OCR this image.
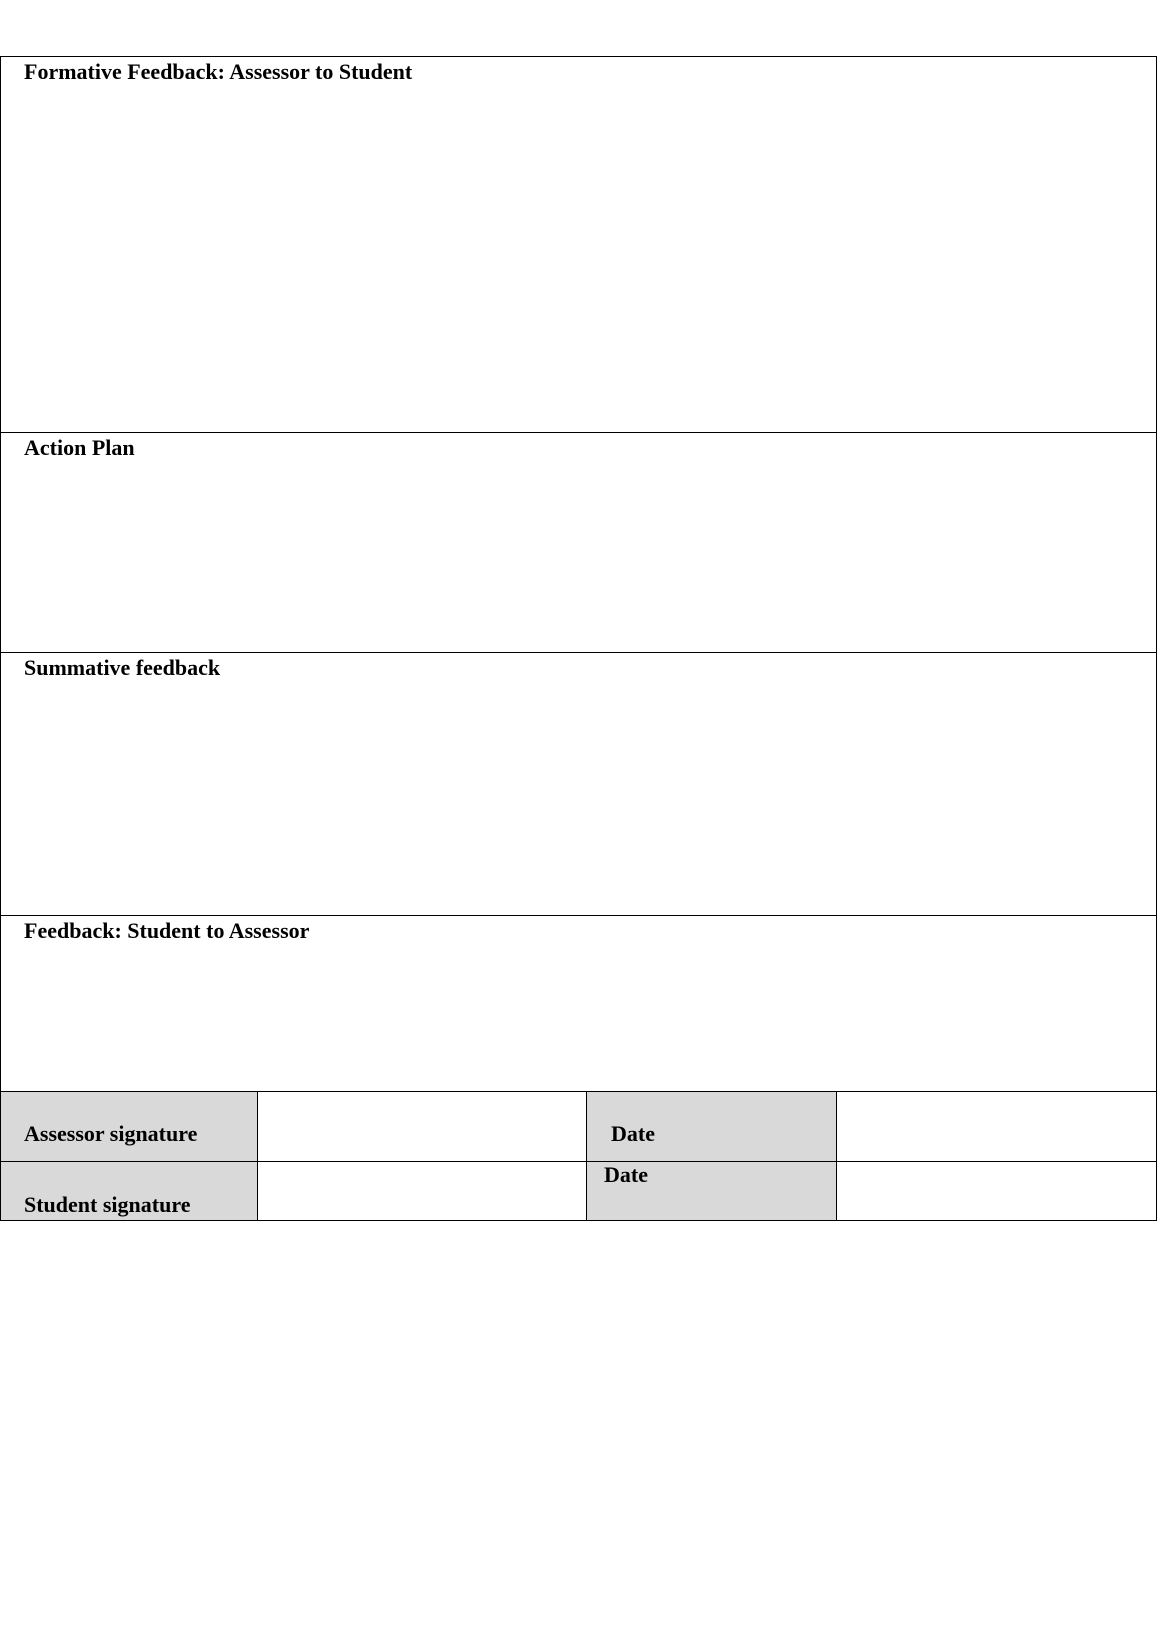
Formative Feedback: Assessor to Student
Action Plan
Summative feedback
Feedback: Student to Assessor
Assessor signature	Date
Student signature
Date
